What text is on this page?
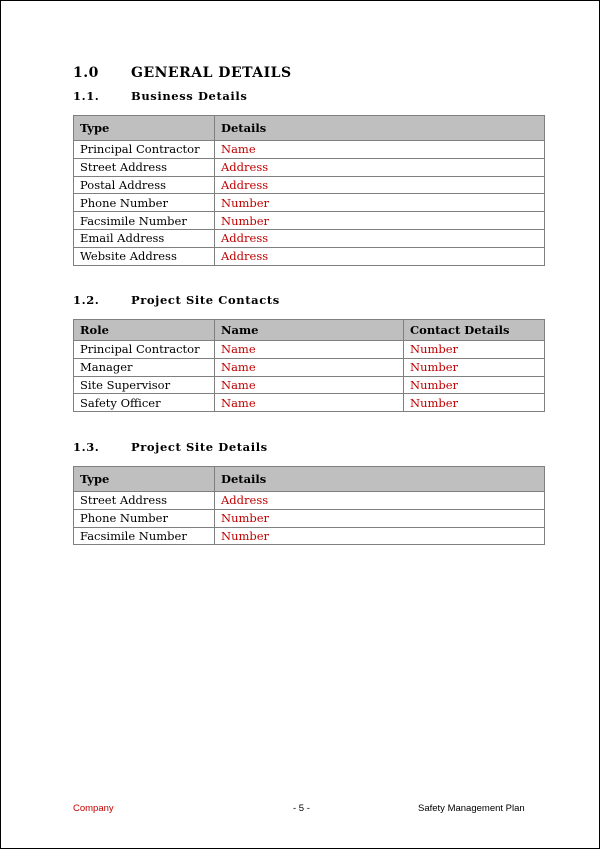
1.0 GENERAL DETAILS
1.1.	Business Details
Type	Details
Principal Contractor	Name
Street Address	Address
Postal Address	Address
Phone Number	Number
Facsimile Number	Number
Email Address	Address
Website Address	Address
1.2.	Project Site Contacts
Role	Name	Contact Details
Principal Contractor	Name	Number
Manager	Name	Number
Site Supervisor	Name	Number
Safety Officer	Name	Number
1.3.	Project Site Details
Type	Details
Street Address	Address
Phone Number	Number
Facsimile Number	Number
Company	- 5 -	Safety Management Plan
